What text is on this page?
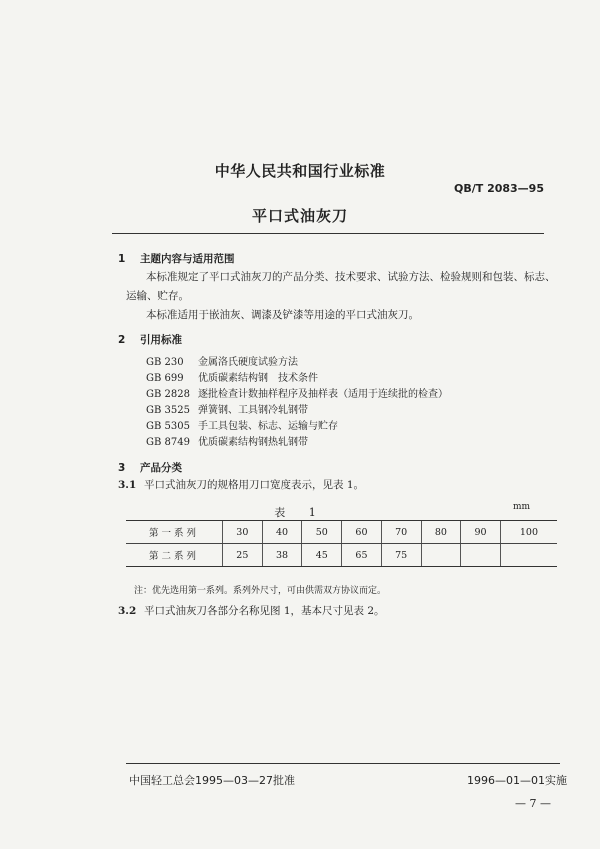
中华人民共和国行业标准
QB/T 2083—95
平口式油灰刀
1 主题内容与适用范围
本标准规定了平口式油灰刀的产品分类、技术要求、试验方法、检验规则和包装、标志、
运输、贮存。
本标准适用于嵌油灰、调漆及铲漆等用途的平口式油灰刀。
2 引用标准
GB 230 金属洛氏硬度试验方法
GB 699 优质碳素结构钢　技术条件
GB 2828 逐批检查计数抽样程序及抽样表（适用于连续批的检查）
GB 3525 弹簧钢、工具钢冷轧钢带
GB 5305 手工具包装、标志、运输与贮存
GB 8749 优质碳素结构钢热轧钢带
3 产品分类
3.1 平口式油灰刀的规格用刀口宽度表示，见表 1。
表 1	mm
第一系列	30	40	50	60	70	80	90	100
第二系列	25	38	45	65	75			
注：优先选用第一系列。系列外尺寸，可由供需双方协议而定。
3.2 平口式油灰刀各部分名称见图 1，基本尺寸见表 2。
中国轻工总会1995—03—27批准	1996—01—01实施
— 7 —
